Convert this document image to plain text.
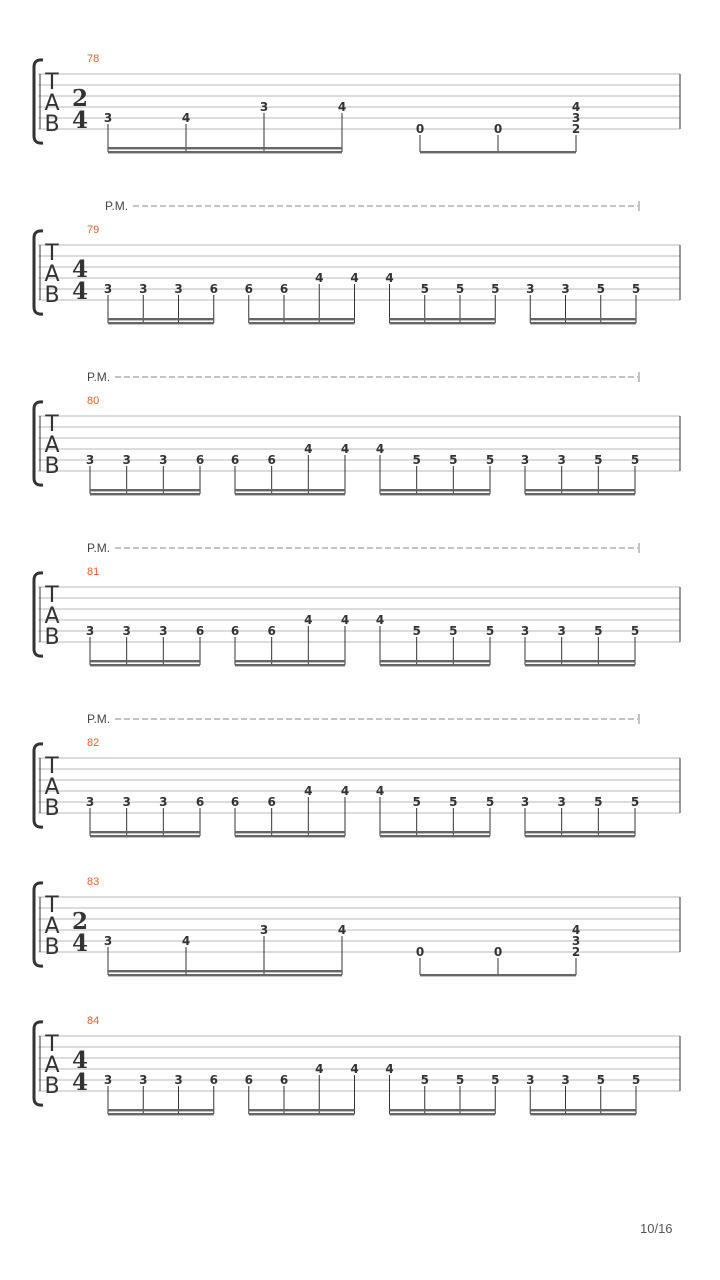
T
A
B
78
2
4 3	4
3	4
0	0
4
3
2
T
A
B
79
4
4 3 3 3 6 6 6
4 4 4
5 5 5 3 3 5 5
P.M.
T
A
B
80
3 3 3 6 6 6
4 4 4
5 5 5 3 3 5 5
P.M.
T
A
B
81
3 3 3 6 6 6
4 4 4
5 5 5 3 3 5 5
P.M.
T
A
B
82
3 3 3 6 6 6
4 4 4
5 5 5 3 3 5 5
P.M.
T
A
B
83
2
4 3	4
3	4
0	0
4
3
2
T
A
B
84
4
4 3 3 3 6 6 6
4 4 4
5 5 5 3 3 5 5
10/16
